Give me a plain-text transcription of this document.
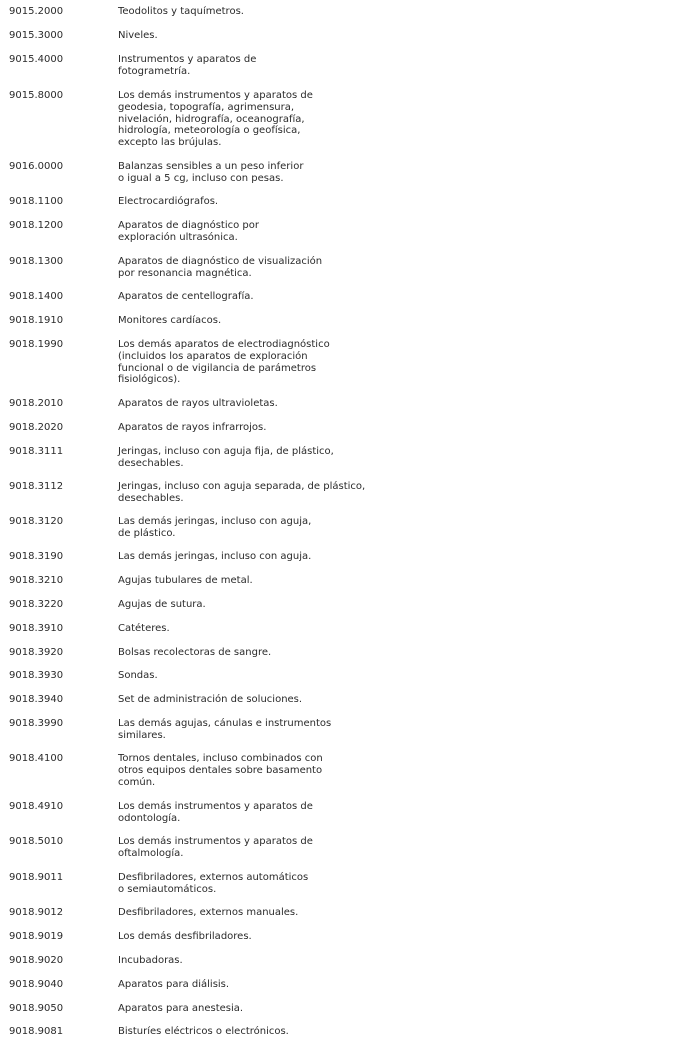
9015.2000	Teodolitos y taquímetros.
9015.3000	Niveles.
9015.4000	Instrumentos y aparatos de
fotogrametría.
9015.8000	Los demás instrumentos y aparatos de
geodesia, topografía, agrimensura,
nivelación, hidrografía, oceanografía,
hidrología, meteorología o geofísica,
excepto las brújulas.
9016.0000	Balanzas sensibles a un peso inferior
o igual a 5 cg, incluso con pesas.
9018.1100	Electrocardiógrafos.
9018.1200	Aparatos de diagnóstico por
exploración ultrasónica.
9018.1300	Aparatos de diagnóstico de visualización
por resonancia magnética.
9018.1400	Aparatos de centellografía.
9018.1910	Monitores cardíacos.
9018.1990	Los demás aparatos de electrodiagnóstico
(incluidos los aparatos de exploración
funcional o de vigilancia de parámetros
fisiológicos).
9018.2010	Aparatos de rayos ultravioletas.
9018.2020	Aparatos de rayos infrarrojos.
9018.3111	Jeringas, incluso con aguja fija, de plástico,
desechables.
9018.3112	Jeringas, incluso con aguja separada, de plástico,
desechables.
9018.3120	Las demás jeringas, incluso con aguja,
de plástico.
9018.3190	Las demás jeringas, incluso con aguja.
9018.3210	Agujas tubulares de metal.
9018.3220	Agujas de sutura.
9018.3910	Catéteres.
9018.3920	Bolsas recolectoras de sangre.
9018.3930	Sondas.
9018.3940	Set de administración de soluciones.
9018.3990	Las demás agujas, cánulas e instrumentos
similares.
9018.4100	Tornos dentales, incluso combinados con
otros equipos dentales sobre basamento
común.
9018.4910	Los demás instrumentos y aparatos de
odontología.
9018.5010	Los demás instrumentos y aparatos de
oftalmología.
9018.9011	Desfibriladores, externos automáticos
o semiautomáticos.
9018.9012	Desfibriladores, externos manuales.
9018.9019	Los demás desfibriladores.
9018.9020	Incubadoras.
9018.9040	Aparatos para diálisis.
9018.9050	Aparatos para anestesia.
9018.9081	Bisturíes eléctricos o electrónicos.
